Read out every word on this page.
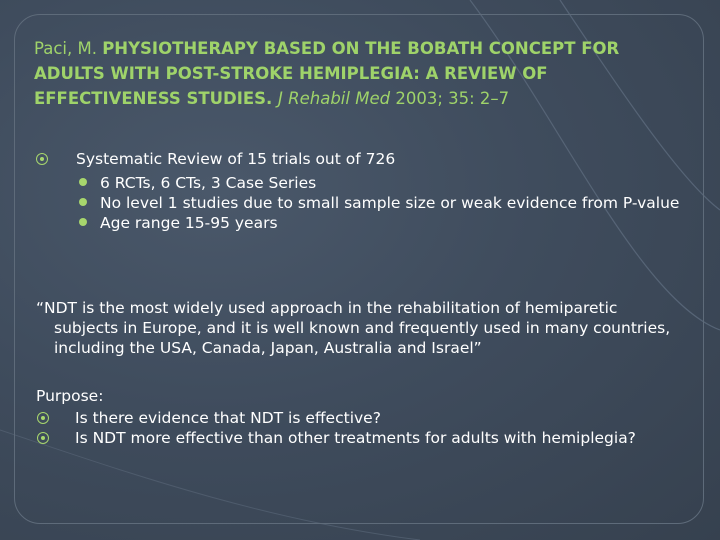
Paci, M. PHYSIOTHERAPY BASED ON THE BOBATH CONCEPT FOR ADULTS WITH POST-STROKE HEMIPLEGIA: A REVIEW OF EFFECTIVENESS STUDIES. J Rehabil Med 2003; 35: 2–7
Systematic Review of 15 trials out of 726
6 RCTs, 6 CTs, 3 Case Series
No level 1 studies due to small sample size or weak evidence from P-value
Age range 15-95 years
“NDT is the most widely used approach in the rehabilitation of hemiparetic subjects in Europe, and it is well known and frequently used in many countries, including the USA, Canada, Japan, Australia and Israel”
Purpose:
Is there evidence that NDT is effective?
Is NDT more effective than other treatments for adults with hemiplegia?
